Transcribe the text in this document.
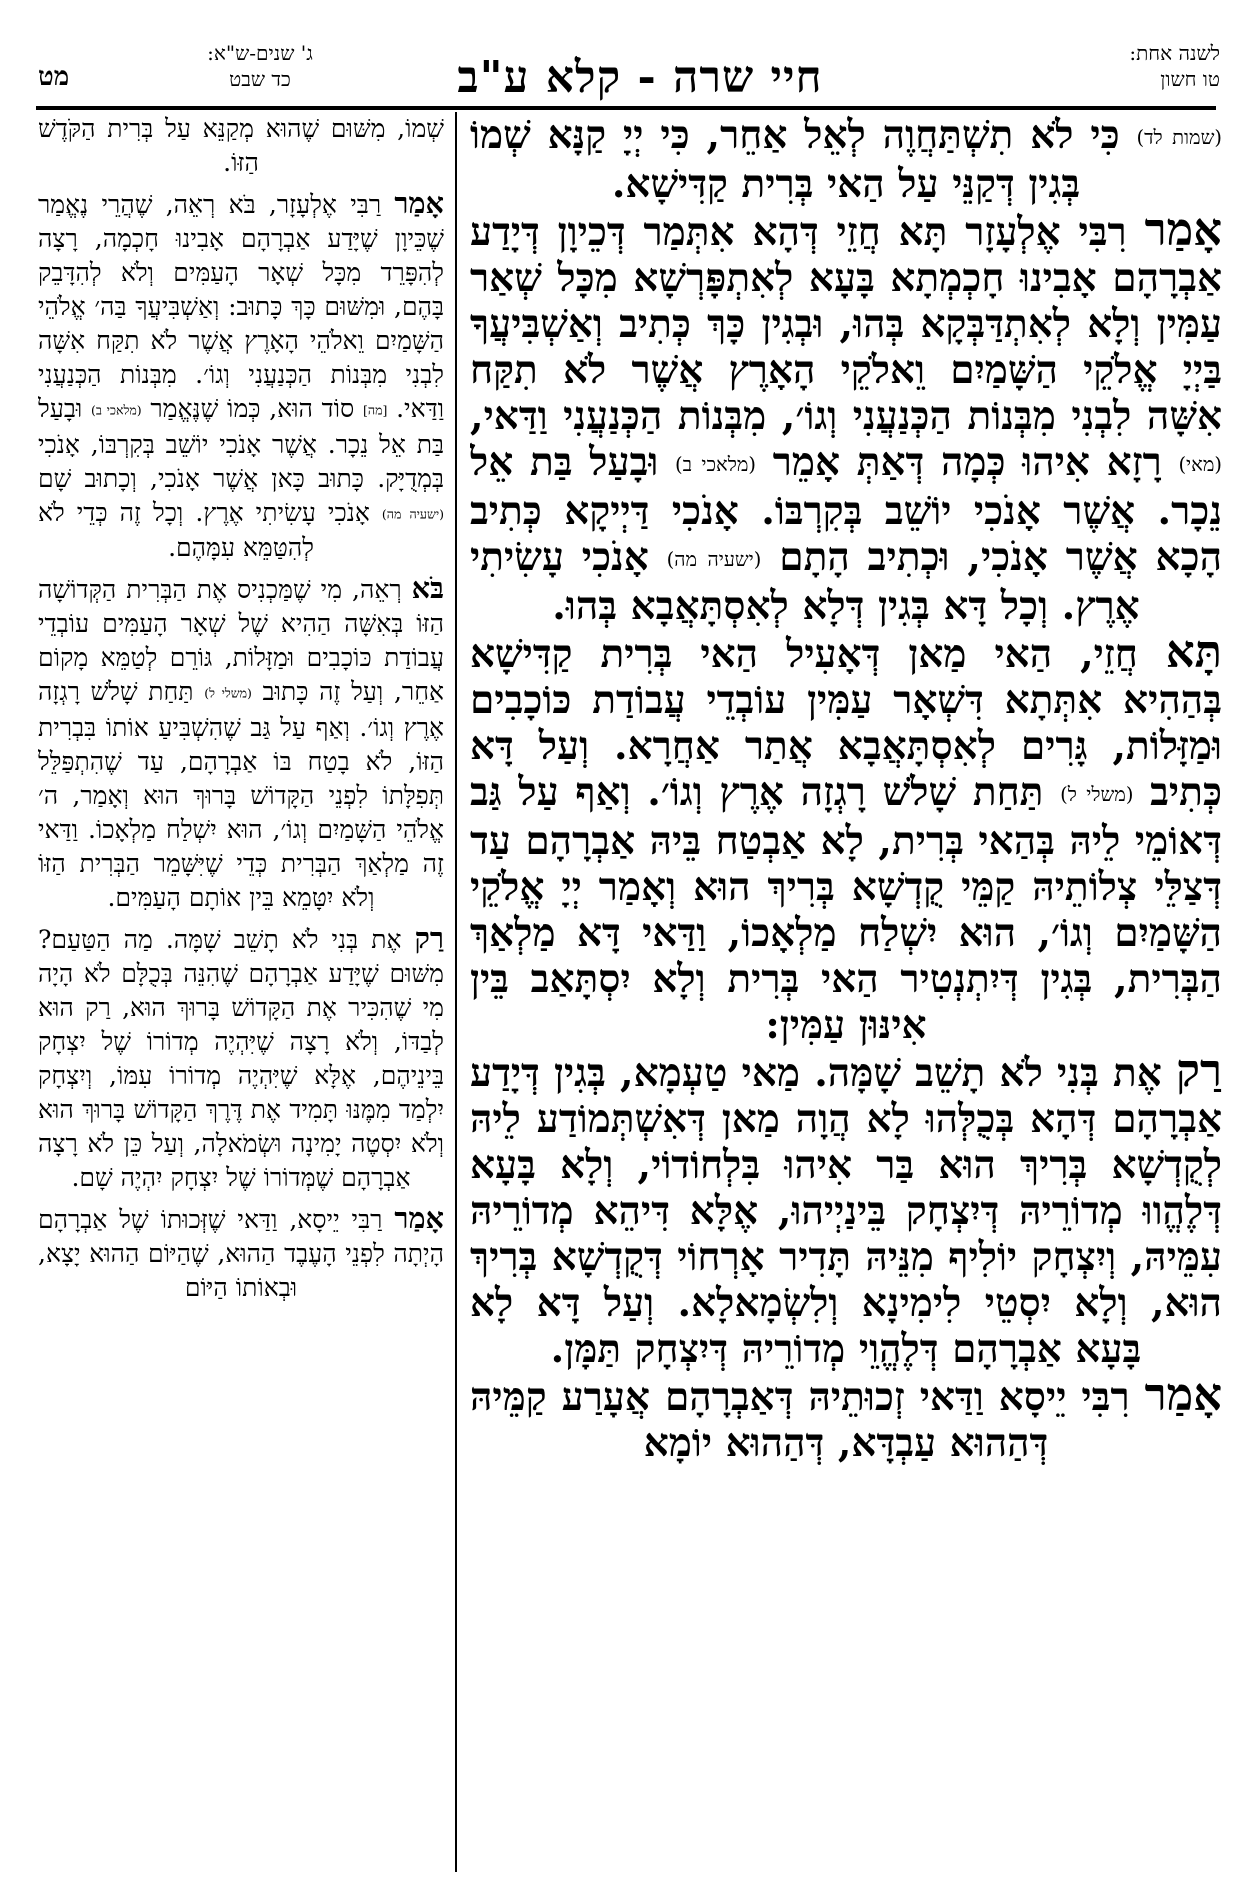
מט
ג' שנים-ש"א:
כד שבט	חיי שרה - קלא ע"ב	לשנה אחת:
טו חשון

(שמות לד) כִּי לֹא תִשְׁתַּחֲוֶה לְאֵל אַחֵר, כִּי יְיָ קַנָּא שְׁמוֹ בְּגִין דְּקַנֵּי עַל הַאי בְּרִית קַדִּישָׁא.

אָמַר רִבִּי אֶלְעָזָר תָּא חֲזֵי דְּהָא אִתְּמַר דְּכֵיוָן דְּיָדַע אַבְרָהָם אָבִינוּ חָכְמְתָא בָּעָא לְאִתְפָּרְשָׁא מִכָּל שְׁאַר עַמִּין וְלָא לְאִתְדַּבְּקָא בְּהוּ, וּבְגִין כָּךְ כְּתִיב וְאַשְׁבִּיעֲךָ בַּיְיָ אֱלֹקֵי הַשָּׁמַיִם וֵאלֹקֵי הָאָרֶץ אֲשֶׁר לֹא תִקַּח אִשָּׁה לִבְנִי מִבְּנוֹת הַכְּנַעֲנִי וְגוֹ׳, מִבְּנוֹת הַכְּנַעֲנִי וַדַּאי, (מאי) רָזָא אִיהוּ כְּמָה דְּאַתְּ אָמֵר (מלאכי ב) וּבָעַל בַּת אֵל נֵכָר. אֲשֶׁר אָנֹכִי יוֹשֵׁב בְּקִרְבּוֹ. אָנֹכִי דַּיְיקָא כְּתִיב הָכָא אֲשֶׁר אָנֹכִי, וּכְתִיב הָתָם (ישעיה מה) אָנֹכִי עָשִׂיתִי אֶרֶץ. וְכָל דָּא בְּגִין דְּלָא לְאִסְתָּאֲבָא בְּהוּ.

תָּא חֲזֵי, הַאי מַאן דְּאָעִיל הַאי בְּרִית קַדִּישָׁא בְּהַהִיא אִתְּתָא דִּשְׁאָר עַמִּין עוֹבְדֵי עֲבוֹדַת כּוֹכָבִים וּמַזָּלוֹת, גָּרִים לְאִסְתָּאֲבָא אֲתַר אַחֲרָא. וְעַל דָּא כְּתִיב (משלי ל) תַּחַת שָׁלֹשׁ רָגְזָה אֶרֶץ וְגוֹ׳. וְאַף עַל גַּב דְּאוֹמֵי לֵיהּ בְּהַאי בְּרִית, לָא אַבְטַח בֵּיהּ אַבְרָהָם עַד דְּצַלֵּי צְלוֹתֵיהּ קַמֵּי קֻדְשָׁא בְּרִיךְ הוּא וְאָמַר יְיָ אֱלֹקֵי הַשָּׁמַיִם וְגוֹ׳, הוּא יִשְׁלַח מַלְאָכוֹ, וַדַּאי דָּא מַלְאַךְ הַבְּרִית, בְּגִין דְּיִתְנְטִיר הַאי בְּרִית וְלָא יִסְתָּאַב בֵּין אִינּוּן עַמִּין:

רַק אֶת בְּנִי לֹא תָשֵׁב שָׁמָּה. מַאי טַעְמָא, בְּגִין דְּיָדַע אַבְרָהָם דְּהָא בְּכֻלְּהוּ לָא הֲוָה מַאן דְּאִשְׁתְּמוֹדַע לֵיהּ לְקֻדְשָׁא בְּרִיךְ הוּא בַּר אִיהוּ בִּלְחוֹדוֹי, וְלָא בָּעָא דְּלֶהֱווּ מְדוֹרֵיהּ דְּיִצְחָק בֵּינַיְיהוּ, אֶלָּא דִּיהֵא מְדוֹרֵיהּ עִמֵּיהּ, וְיִצְחָק יוֹלִיף מִנֵּיהּ תָּדִיר אָרְחוֹי דְּקֻדְשָׁא בְּרִיךְ הוּא, וְלָא יִסְטֵי לִימִינָא וְלִשְׂמָאלָא. וְעַל דָּא לָא בָּעָא אַבְרָהָם דְּלֶהֱוֵי מְדוֹרֵיהּ דְּיִצְחָק תַּמָּן.

אָמַר רִבִּי יֵיסָא וַדַּאי זְכוּתֵיהּ דְּאַבְרָהָם אֲעָרַע קַמֵּיהּ דְּהַהוּא עַבְדָּא, דְּהַהוּא יוֹמָא

שְׁמוֹ, מִשּׁוּם שֶׁהוּא מְקַנֵּא עַל בְּרִית הַקֹּדֶשׁ הַזּוֹ.

אָמַר רַבִּי אֶלְעָזָר, בֹּא רְאֵה, שֶׁהֲרֵי נֶאֱמַר שֶׁכֵּיוָן שֶׁיָּדַע אַבְרָהָם אָבִינוּ חָכְמָה, רָצָה לְהִפָּרֵד מִכָּל שְׁאָר הָעַמִּים וְלֹא לְהִדָּבֵק בָּהֶם, וּמִשּׁוּם כָּךְ כָּתוּב: וְאַשְׁבִּיעֲךָ בַּה׳ אֱלֹהֵי הַשָּׁמַיִם וֵאלֹהֵי הָאָרֶץ אֲשֶׁר לֹא תִקַּח אִשָּׁה לִבְנִי מִבְּנוֹת הַכְּנַעֲנִי וְגוֹ׳. מִבְּנוֹת הַכְּנַעֲנִי וַדַּאי. [מה] סוֹד הוּא, כְּמוֹ שֶׁנֶּאֱמַר (מלאכי ב) וּבָעַל בַּת אֵל נֵכָר. אֲשֶׁר אָנֹכִי יוֹשֵׁב בְּקִרְבּוֹ, אָנֹכִי בְּמְדֻיָּק. כָּתוּב כָּאן אֲשֶׁר אָנֹכִי, וְכָתוּב שָׁם (ישעיה מה) אָנֹכִי עָשִׂיתִי אֶרֶץ. וְכָל זֶה כְּדֵי לֹא לְהִטַּמֵּא עִמָּהֶם.

בֹּא רְאֵה, מִי שֶׁמַּכְנִיס אֶת הַבְּרִית הַקְּדוֹשָׁה הַזּוֹ בְּאִשָּׁה הַהִיא שֶׁל שְׁאָר הָעַמִּים עוֹבְדֵי עֲבוֹדַת כּוֹכָבִים וּמַזָּלוֹת, גּוֹרֵם לְטַמֵּא מָקוֹם אַחֵר, וְעַל זֶה כָּתוּב (משלי ל) תַּחַת שָׁלֹשׁ רָגְזָה אֶרֶץ וְגוֹ׳. וְאַף עַל גַּב שֶׁהִשְׁבִּיעַ אוֹתוֹ בִּבְרִית הַזּוֹ, לֹא בָטַח בּוֹ אַבְרָהָם, עַד שֶׁהִתְפַּלֵּל תְּפִלָּתוֹ לִפְנֵי הַקָּדוֹשׁ בָּרוּךְ הוּא וְאָמַר, ה׳ אֱלֹהֵי הַשָּׁמַיִם וְגוֹ׳, הוּא יִשְׁלַח מַלְאָכוֹ. וַדַּאי זֶה מַלְאַךְ הַבְּרִית כְּדֵי שֶׁיִּשָּׁמֵר הַבְּרִית הַזּוֹ וְלֹא יִטָּמֵא בֵּין אוֹתָם הָעַמִּים.

רַק אֶת בְּנִי לֹא תָשֵׁב שָׁמָּה. מַה הַטַּעַם? מִשּׁוּם שֶׁיָּדַע אַבְרָהָם שֶׁהִנֵּה בְּכֻלָּם לֹא הָיָה מִי שֶׁהִכִּיר אֶת הַקָּדוֹשׁ בָּרוּךְ הוּא, רַק הוּא לְבַדּוֹ, וְלֹא רָצָה שֶׁיִּהְיֶה מְדוֹרוֹ שֶׁל יִצְחָק בֵּינֵיהֶם, אֶלָּא שֶׁיִּהְיֶה מְדוֹרוֹ עִמּוֹ, וְיִצְחָק יִלְמַד מִמֶּנּוּ תָּמִיד אֶת דֶּרֶךְ הַקָּדוֹשׁ בָּרוּךְ הוּא וְלֹא יִסְטֶה יָמִינָה וּשְׂמֹאלָה, וְעַל כֵּן לֹא רָצָה אַבְרָהָם שֶׁמְּדוֹרוֹ שֶׁל יִצְחָק יִהְיֶה שָׁם.

אָמַר רַבִּי יֵיסָא, וַדַּאי שֶׁזְּכוּתוֹ שֶׁל אַבְרָהָם הָיְתָה לִפְנֵי הָעֶבֶד הַהוּא, שֶׁהַיּוֹם הַהוּא יָצָא, וּבְאוֹתוֹ הַיּוֹם
